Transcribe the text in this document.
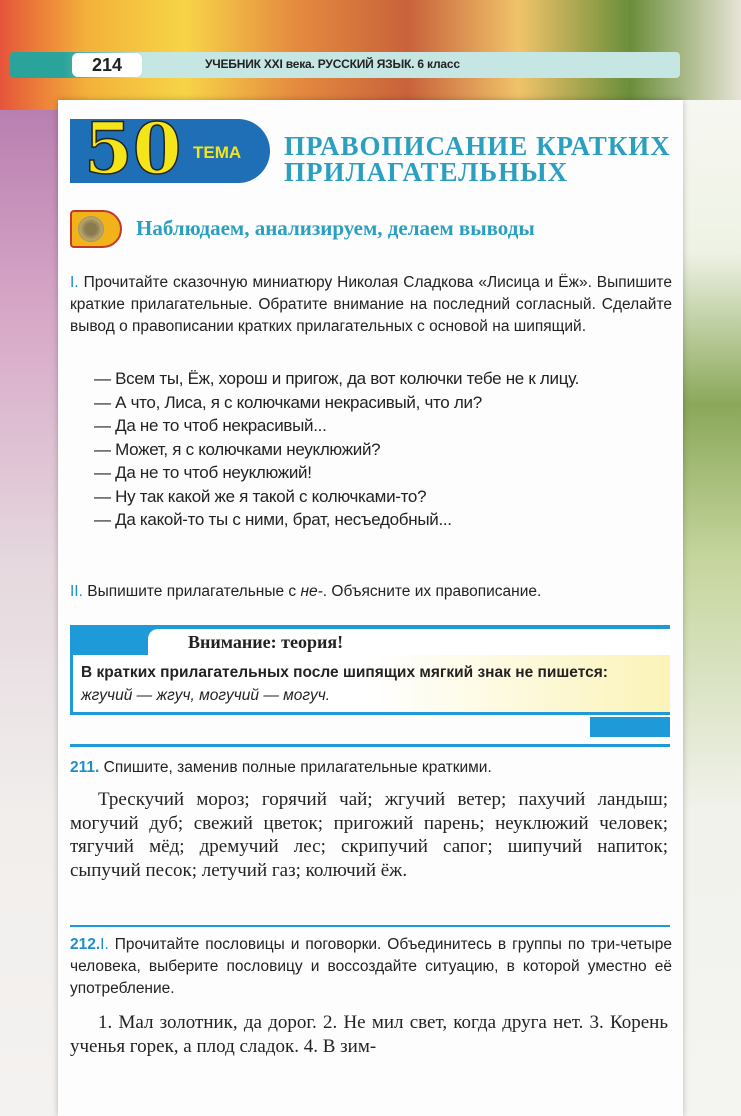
214	УЧЕБНИК XXI века. РУССКИЙ ЯЗЫК. 6 класс
50 ТЕМА ПРАВОПИСАНИЕ КРАТКИХ
ПРИЛАГАТЕЛЬНЫХ
Наблюдаем, анализируем, делаем выводы

I. Прочитайте сказочную миниатюру Николая Сладкова «Лисица и Ёж». Выпишите краткие прилагательные. Обратите внимание на последний согласный. Сделайте вывод о правописании кратких прилагательных с основой на шипящий.

— Всем ты, Ёж, хорош и пригож, да вот колючки тебе не к лицу.
— А что, Лиса, я с колючками некрасивый, что ли?
— Да не то чтоб некрасивый...
— Может, я с колючками неуклюжий?
— Да не то чтоб неуклюжий!
— Ну так какой же я такой с колючками-то?
— Да какой-то ты с ними, брат, несъедобный...

II. Выпишите прилагательные с не-. Объясните их правописание.

Внимание: теория!
В кратких прилагательных после шипящих мягкий знак не пишется: жгучий — жгуч, могучий — могуч.

211. Спишите, заменив полные прилагательные краткими.

Трескучий мороз; горячий чай; жгучий ветер; пахучий ландыш; могучий дуб; свежий цветок; пригожий парень; неуклюжий человек; тягучий мёд; дремучий лес; скрипучий сапог; шипучий напиток; сыпучий песок; летучий газ; колючий ёж.

212.I. Прочитайте пословицы и поговорки. Объединитесь в группы по три-четыре человека, выберите пословицу и воссоздайте ситуацию, в которой уместно её употребление.

1. Мал золотник, да дорог. 2. Не мил свет, когда друга нет. 3. Корень ученья горек, а плод сладок. 4. В зим-
